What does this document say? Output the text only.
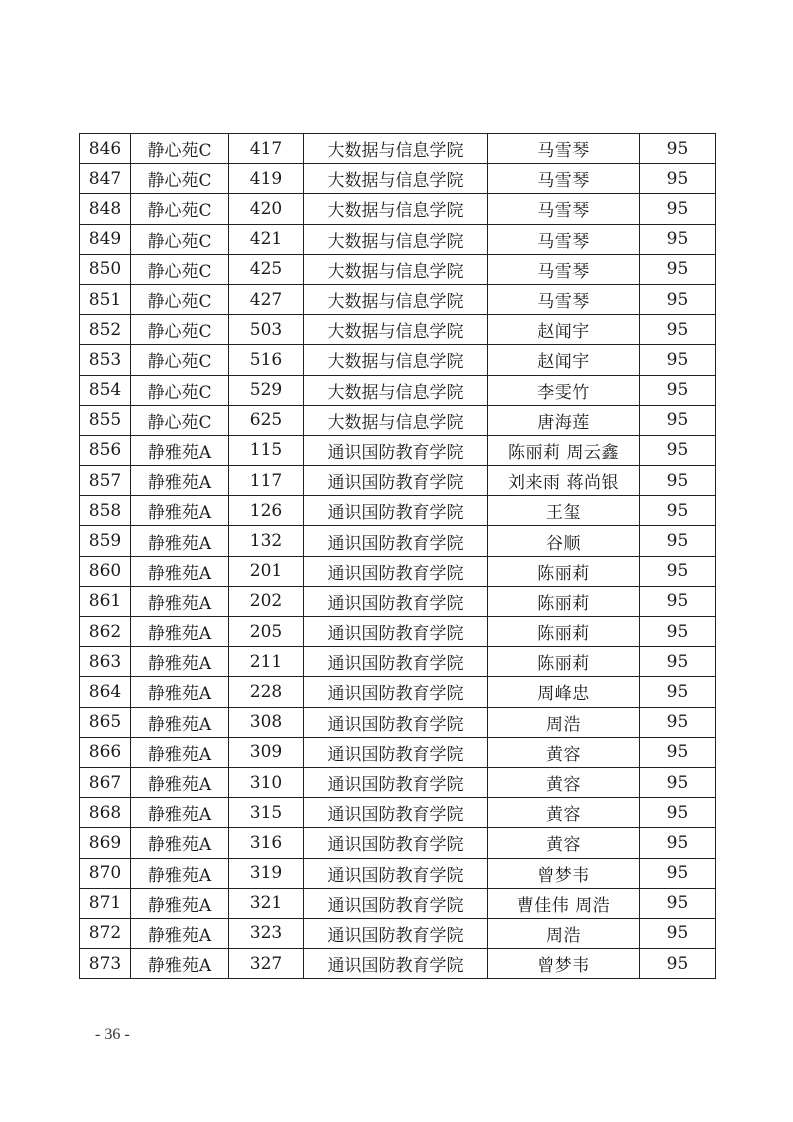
846	静心苑C	417	大数据与信息学院	马雪琴	95
847	静心苑C	419	大数据与信息学院	马雪琴	95
848	静心苑C	420	大数据与信息学院	马雪琴	95
849	静心苑C	421	大数据与信息学院	马雪琴	95
850	静心苑C	425	大数据与信息学院	马雪琴	95
851	静心苑C	427	大数据与信息学院	马雪琴	95
852	静心苑C	503	大数据与信息学院	赵闻宇	95
853	静心苑C	516	大数据与信息学院	赵闻宇	95
854	静心苑C	529	大数据与信息学院	李雯竹	95
855	静心苑C	625	大数据与信息学院	唐海莲	95
856	静雅苑A	115	通识国防教育学院	陈丽莉 周云鑫	95
857	静雅苑A	117	通识国防教育学院	刘来雨 蒋尚银	95
858	静雅苑A	126	通识国防教育学院	王玺	95
859	静雅苑A	132	通识国防教育学院	谷顺	95
860	静雅苑A	201	通识国防教育学院	陈丽莉	95
861	静雅苑A	202	通识国防教育学院	陈丽莉	95
862	静雅苑A	205	通识国防教育学院	陈丽莉	95
863	静雅苑A	211	通识国防教育学院	陈丽莉	95
864	静雅苑A	228	通识国防教育学院	周峰忠	95
865	静雅苑A	308	通识国防教育学院	周浩	95
866	静雅苑A	309	通识国防教育学院	黄容	95
867	静雅苑A	310	通识国防教育学院	黄容	95
868	静雅苑A	315	通识国防教育学院	黄容	95
869	静雅苑A	316	通识国防教育学院	黄容	95
870	静雅苑A	319	通识国防教育学院	曾梦韦	95
871	静雅苑A	321	通识国防教育学院	曹佳伟 周浩	95
872	静雅苑A	323	通识国防教育学院	周浩	95
873	静雅苑A	327	通识国防教育学院	曾梦韦	95
- 36 -
